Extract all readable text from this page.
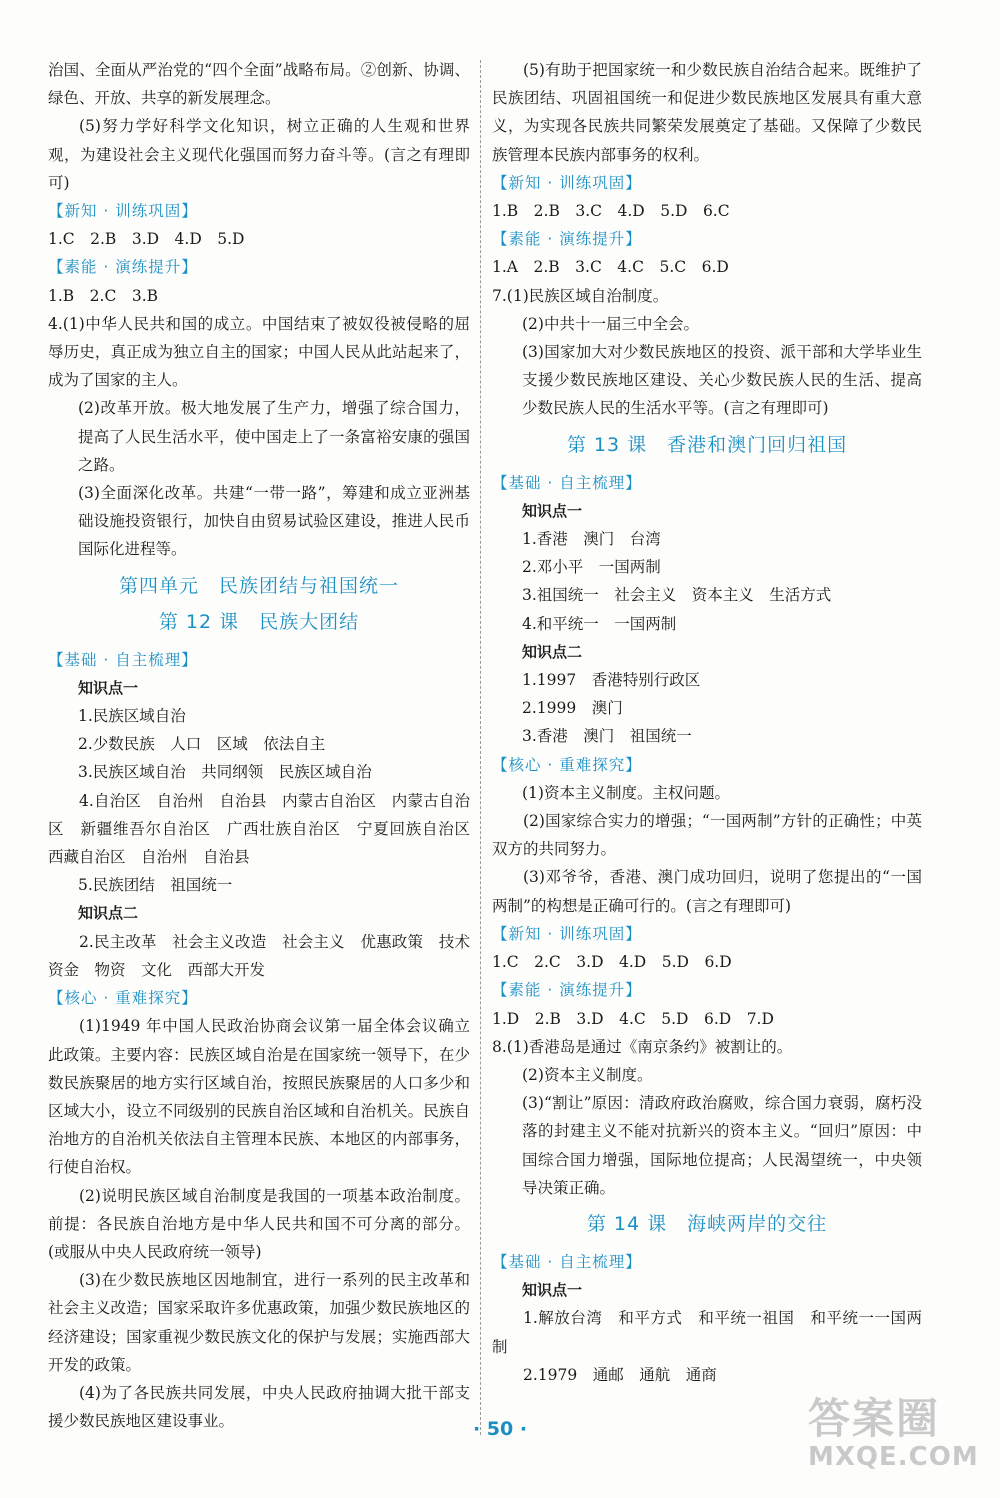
治国、全面从严治党的“四个全面”战略布局。②创新、协调、绿色、开放、共享的新发展理念。

(5)努力学好科学文化知识，树立正确的人生观和世界观，为建设社会主义现代化强国而努力奋斗等。(言之有理即可)

【新知 · 训练巩固】
1.C　2.B　3.D　4.D　5.D
【素能 · 演练提升】
1.B　2.C　3.B

4.(1)中华人民共和国的成立。中国结束了被奴役被侵略的屈辱历史，真正成为独立自主的国家；中国人民从此站起来了，成为了国家的主人。

(2)改革开放。极大地发展了生产力，增强了综合国力，提高了人民生活水平，使中国走上了一条富裕安康的强国之路。

(3)全面深化改革。共建“一带一路”，筹建和成立亚洲基础设施投资银行，加快自由贸易试验区建设，推进人民币国际化进程等。

第四单元　民族团结与祖国统一
第 12 课　民族大团结
【基础 · 自主梳理】
知识点一

1.民族区域自治

2.少数民族　人口　区域　依法自主

3.民族区域自治　共同纲领　民族区域自治

4.自治区　自治州　自治县　内蒙古自治区　内蒙古自治区　新疆维吾尔自治区　广西壮族自治区　宁夏回族自治区　西藏自治区　自治州　自治县

5.民族团结　祖国统一

知识点二

2.民主改革　社会主义改造　社会主义　优惠政策　技术　资金　物资　文化　西部大开发

【核心 · 重难探究】

(1)1949 年中国人民政治协商会议第一届全体会议确立此政策。主要内容：民族区域自治是在国家统一领导下，在少数民族聚居的地方实行区域自治，按照民族聚居的人口多少和区域大小，设立不同级别的民族自治区域和自治机关。民族自治地方的自治机关依法自主管理本民族、本地区的内部事务，行使自治权。

(2)说明民族区域自治制度是我国的一项基本政治制度。前提：各民族自治地方是中华人民共和国不可分离的部分。(或服从中央人民政府统一领导)

(3)在少数民族地区因地制宜，进行一系列的民主改革和社会主义改造；国家采取许多优惠政策，加强少数民族地区的经济建设；国家重视少数民族文化的保护与发展；实施西部大开发的政策。

(4)为了各民族共同发展，中央人民政府抽调大批干部支援少数民族地区建设事业。

(5)有助于把国家统一和少数民族自治结合起来。既维护了民族团结、巩固祖国统一和促进少数民族地区发展具有重大意义，为实现各民族共同繁荣发展奠定了基础。又保障了少数民族管理本民族内部事务的权利。

【新知 · 训练巩固】
1.B　2.B　3.C　4.D　5.D　6.C
【素能 · 演练提升】
1.A　2.B　3.C　4.C　5.C　6.D

7.(1)民族区域自治制度。

(2)中共十一届三中全会。

(3)国家加大对少数民族地区的投资、派干部和大学毕业生支援少数民族地区建设、关心少数民族人民的生活、提高少数民族人民的生活水平等。(言之有理即可)

第 13 课　香港和澳门回归祖国
【基础 · 自主梳理】
知识点一

1.香港　澳门　台湾

2.邓小平　一国两制

3.祖国统一　社会主义　资本主义　生活方式

4.和平统一　一国两制

知识点二

1.1997　香港特别行政区

2.1999　澳门

3.香港　澳门　祖国统一

【核心 · 重难探究】

(1)资本主义制度。主权问题。

(2)国家综合实力的增强；“一国两制”方针的正确性；中英双方的共同努力。

(3)邓爷爷，香港、澳门成功回归，说明了您提出的“一国两制”的构想是正确可行的。(言之有理即可)

【新知 · 训练巩固】
1.C　2.C　3.D　4.D　5.D　6.D
【素能 · 演练提升】
1.D　2.B　3.D　4.C　5.D　6.D　7.D

8.(1)香港岛是通过《南京条约》被割让的。

(2)资本主义制度。

(3)“割让”原因：清政府政治腐败，综合国力衰弱，腐朽没落的封建主义不能对抗新兴的资本主义。“回归”原因：中国综合国力增强，国际地位提高；人民渴望统一，中央领导决策正确。

第 14 课　海峡两岸的交往
【基础 · 自主梳理】
知识点一

1.解放台湾　和平方式　和平统一祖国　和平统一一国两制

2.1979　通邮　通航　通商

· 50 ·	答案圈
MXQE.COM
